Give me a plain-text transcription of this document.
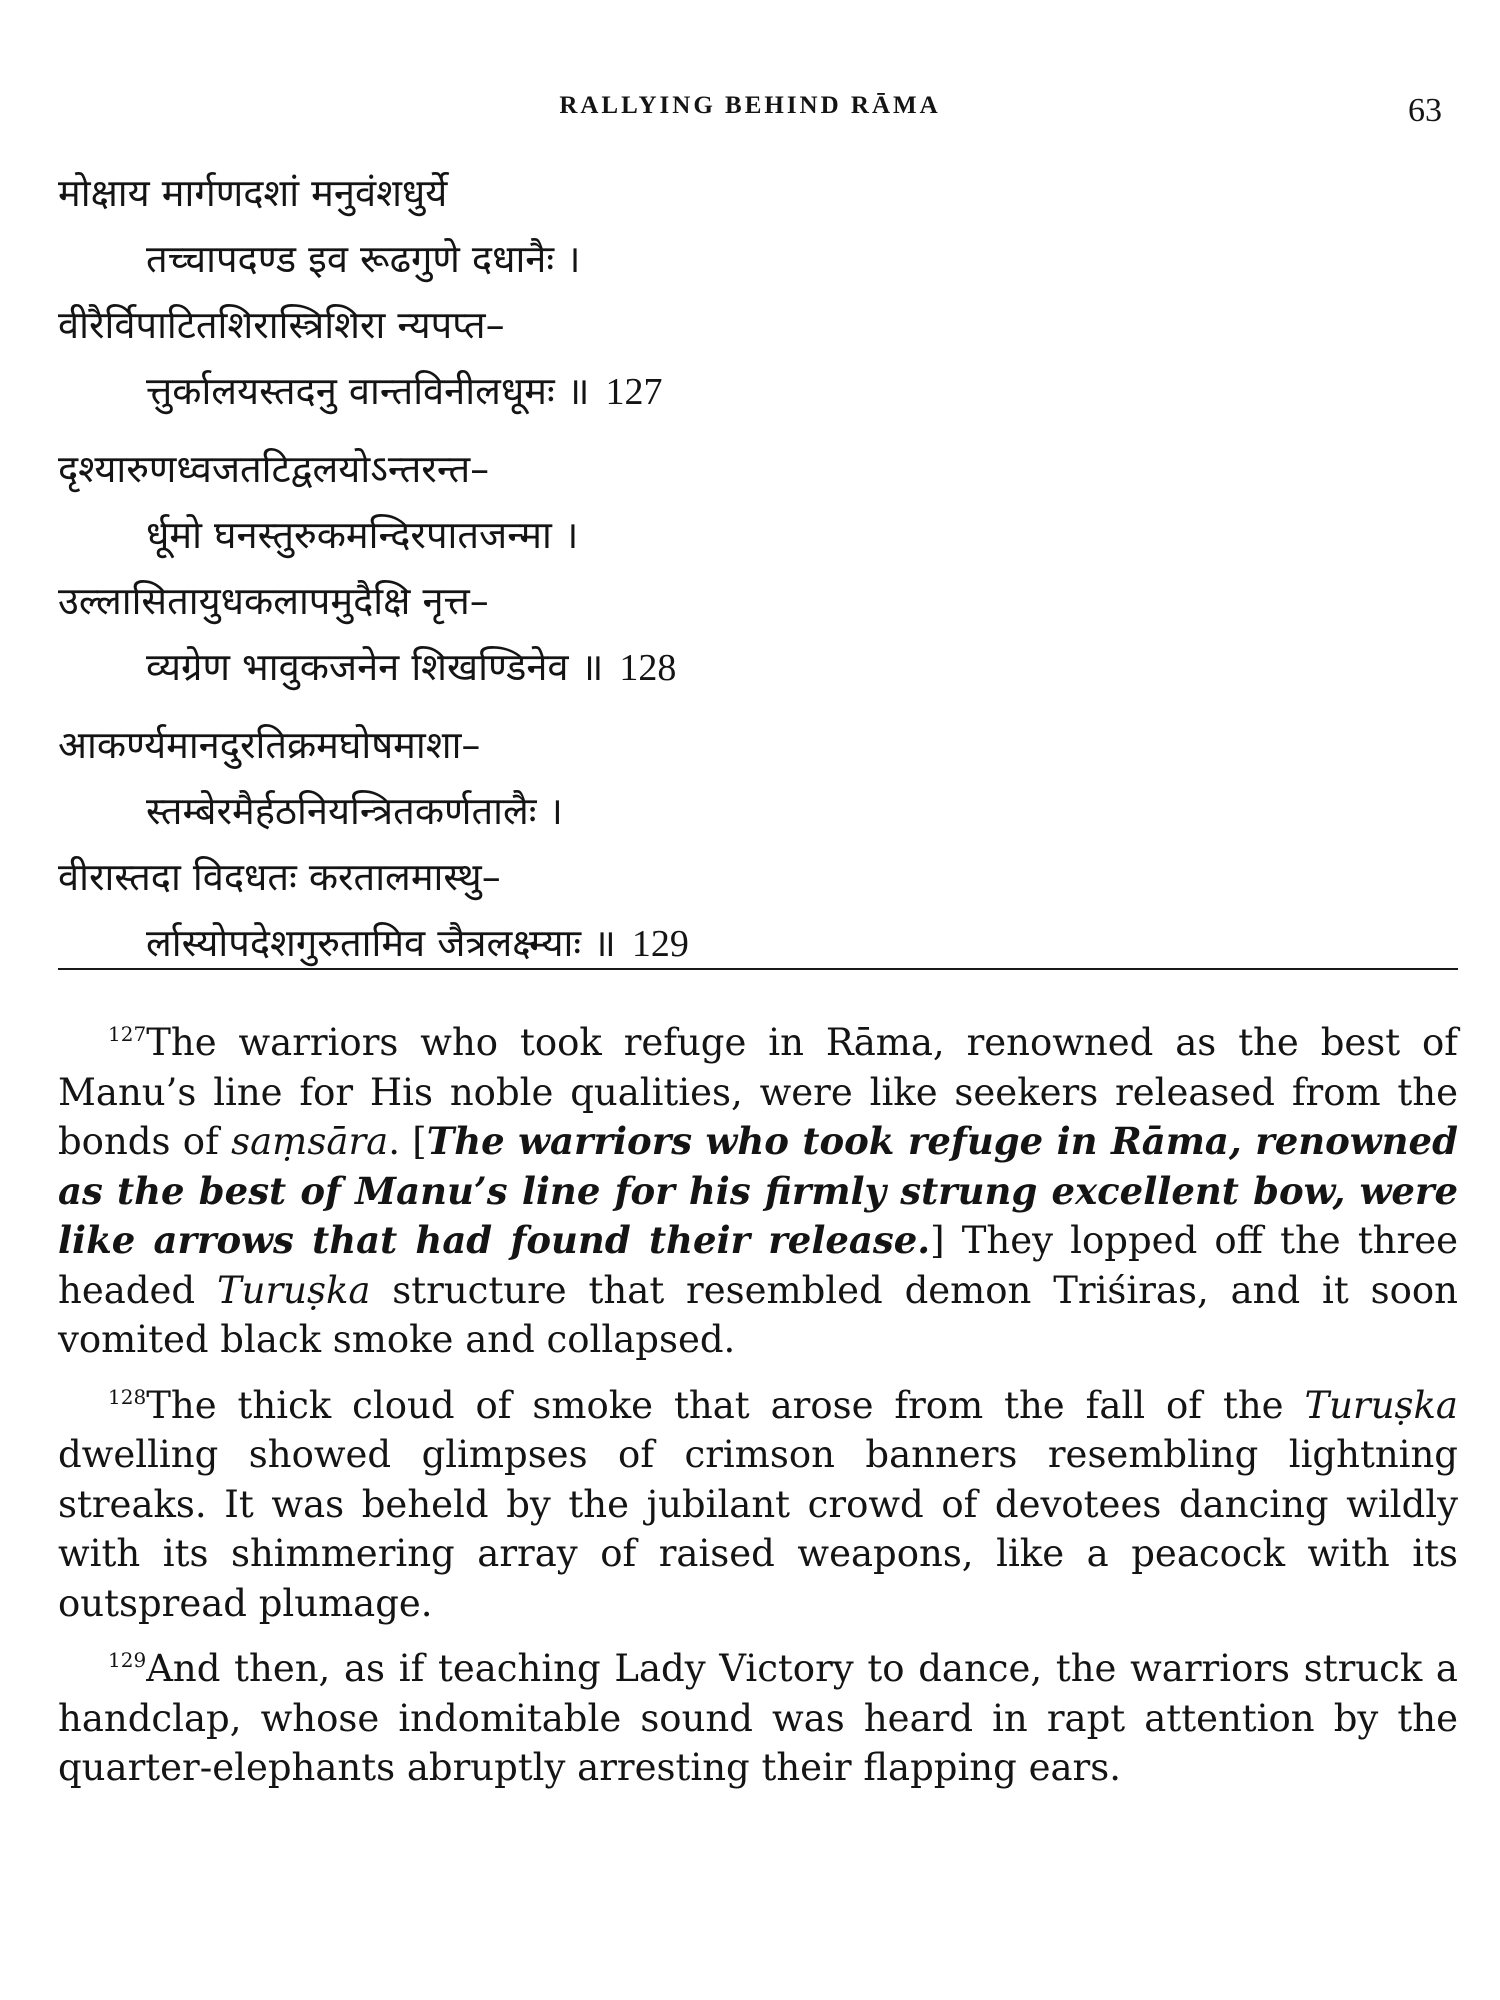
RALLYING BEHIND RĀMA	63
मोक्षाय मार्गणदशां मनुवंशधुर्ये
तच्चापदण्ड इव रूढगुणे दधानैः ।
वीरैर्विपाटितशिरास्त्रिशिरा न्यपप्त–
त्तुर्कालयस्तदनु वान्तविनीलधूमः ॥ 127
दृश्यारुणध्वजतटिद्वलयोऽन्तरन्त–
र्धूमो घनस्तुरुकमन्दिरपातजन्मा ।
उल्लासितायुधकलापमुदैक्षि नृत्त–
व्यग्रेण भावुकजनेन शिखण्डिनेव ॥ 128
आकर्ण्यमानदुरतिक्रमघोषमाशा–
स्तम्बेरमैर्हठनियन्त्रितकर्णतालैः ।
वीरास्तदा विदधतः करतालमास्थु–
र्लास्योपदेशगुरुतामिव जैत्रलक्ष्म्याः ॥ 129

$^{127}$The warriors who took refuge in Rāma, renowned as the best of Manu’s line for His noble qualities, were like seekers released from the bonds of saṃsāra. [The warriors who took refuge in Rāma, renowned as the best of Manu’s line for his firmly strung excellent bow, were like arrows that had found their release.] They lopped off the three headed Turuṣka structure that resembled demon Triśiras, and it soon vomited black smoke and collapsed.

$^{128}$The thick cloud of smoke that arose from the fall of the Turuṣka dwelling showed glimpses of crimson banners resembling lightning streaks. It was beheld by the jubilant crowd of devotees dancing wildly with its shimmering array of raised weapons, like a peacock with its outspread plumage.

$^{129}$And then, as if teaching Lady Victory to dance, the warriors struck a handclap, whose indomitable sound was heard in rapt attention by the quarter-elephants abruptly arresting their flapping ears.
